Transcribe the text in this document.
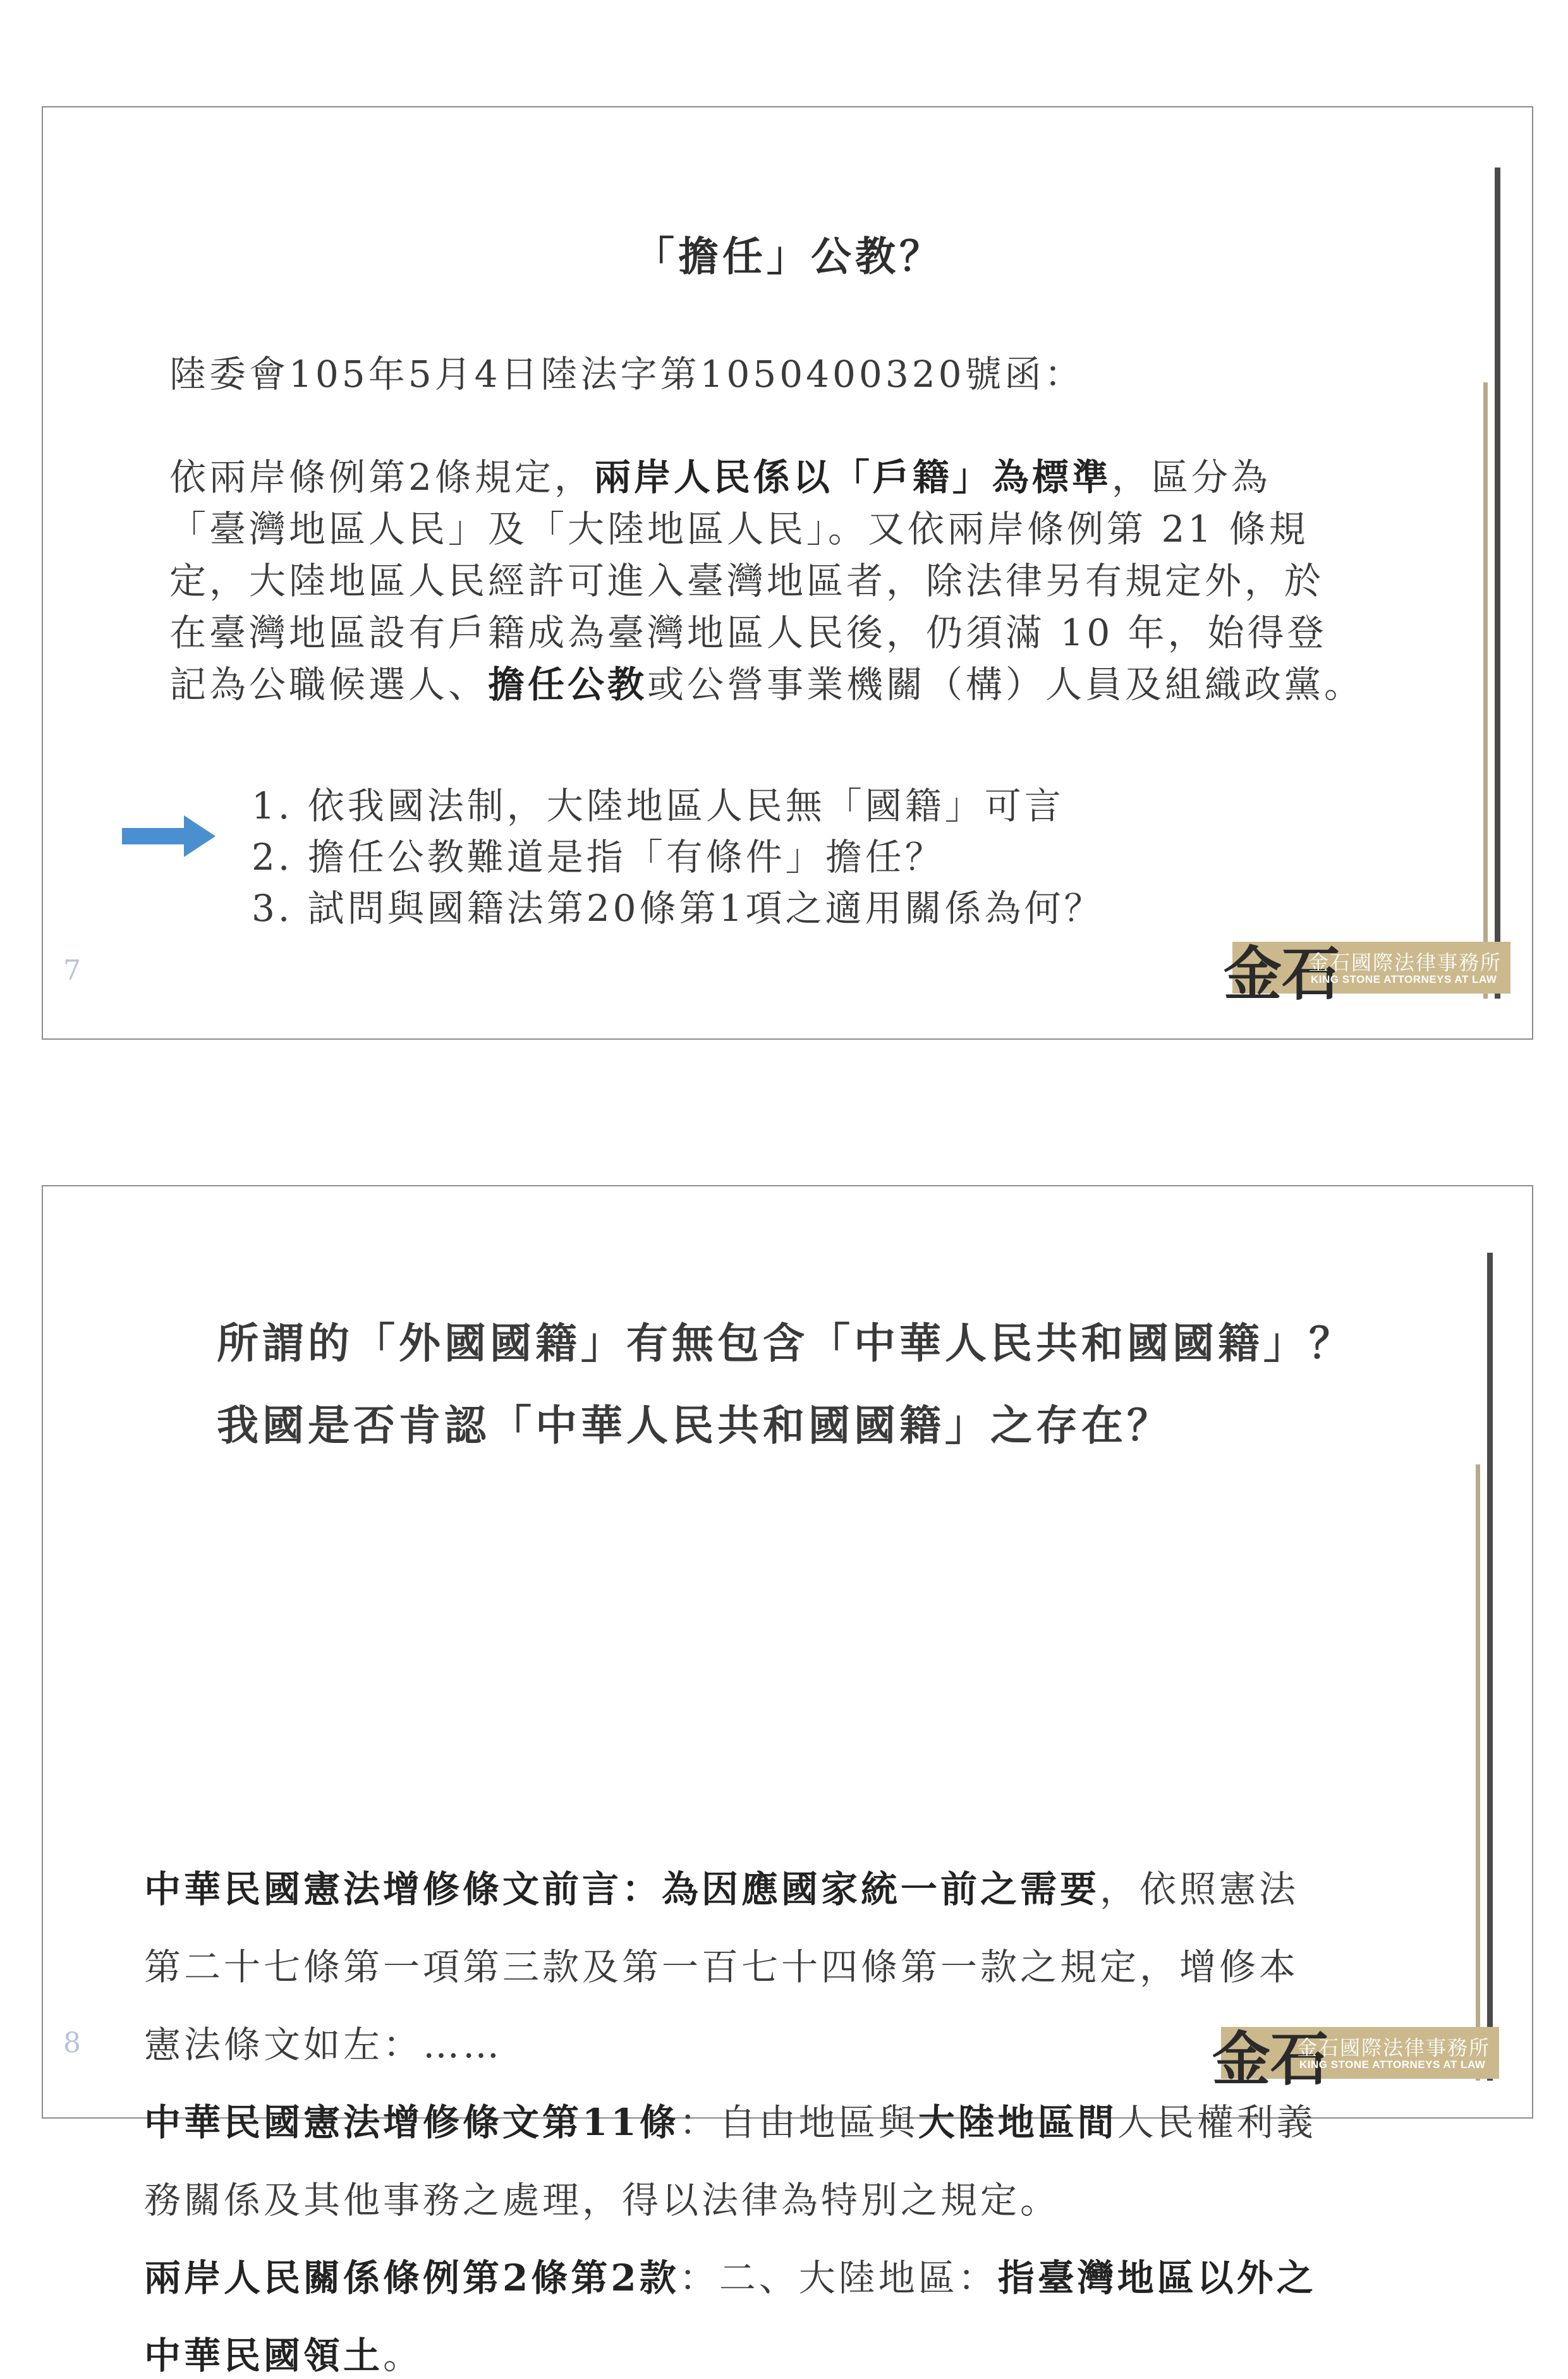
「擔任」公教？
陸委會105年5月4日陸法字第1050400320號函：
依兩岸條例第2條規定，兩岸人民係以「戶籍」為標準，區分為
「臺灣地區人民」及「大陸地區人民」。又依兩岸條例第 21 條規
定，大陸地區人民經許可進入臺灣地區者，除法律另有規定外，於
在臺灣地區設有戶籍成為臺灣地區人民後，仍須滿 10 年，始得登
記為公職候選人、擔任公教或公營事業機關（構）人員及組織政黨。
1. 依我國法制，大陸地區人民無「國籍」可言
2. 擔任公教難道是指「有條件」擔任？
3. 試問與國籍法第20條第1項之適用關係為何？
7	金石
金石國際法律事務所
KING STONE ATTORNEYS AT LAW
所謂的「外國國籍」有無包含「中華人民共和國國籍」？
我國是否肯認「中華人民共和國國籍」之存在？
中華民國憲法增修條文前言：為因應國家統一前之需要，依照憲法
第二十七條第一項第三款及第一百七十四條第一款之規定，增修本
憲法條文如左：……
中華民國憲法增修條文第11條：自由地區與大陸地區間人民權利義
務關係及其他事務之處理，得以法律為特別之規定。
兩岸人民關係條例第2條第2款：二、大陸地區：指臺灣地區以外之
中華民國領土。
8	金石
金石國際法律事務所
KING STONE ATTORNEYS AT LAW
